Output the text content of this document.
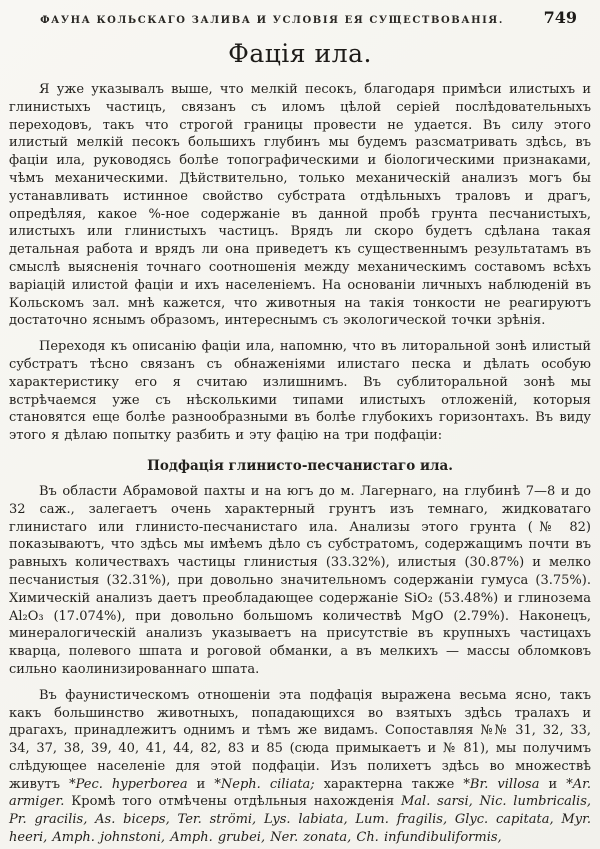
ФАУНА КОЛЬСКАГО ЗАЛИВА И УСЛОВІЯ ЕЯ СУЩЕСТВОВАНІЯ. 749
Фація ила.

Я уже указывалъ выше, что мелкій песокъ, благодаря примѣси илистыхъ и глинистыхъ частицъ, связанъ съ иломъ цѣлой серіей послѣдовательныхъ переходовъ, такъ что строгой границы провести не удается. Въ силу этого илистый мелкій песокъ большихъ глубинъ мы будемъ разсматривать здѣсь, въ фаціи ила, руководясь болѣе топографическими и біологическими признаками, чѣмъ механическими. Дѣйствительно, только механическій анализъ могъ бы устанавливать истинное свойство субстрата отдѣльныхъ траловъ и драгъ, опредѣляя, какое %-ное содержаніе въ данной пробѣ грунта песчанистыхъ, илистыхъ или глинистыхъ частицъ. Врядъ ли скоро будетъ сдѣлана такая детальная работа и врядъ ли она приведетъ къ существеннымъ результатамъ въ смыслѣ выясненія точнаго соотношенія между механическимъ составомъ всѣхъ варіацій илистой фаціи и ихъ населеніемъ. На основаніи личныхъ наблюденій въ Кольскомъ зал. мнѣ кажется, что животныя на такія тонкости не реагируютъ достаточно яснымъ образомъ, интереснымъ съ экологической точки зрѣнія.

Переходя къ описанію фаціи ила, напомню, что въ литоральной зонѣ илистый субстратъ тѣсно связанъ съ обнаженіями илистаго песка и дѣлать особую характеристику его я считаю излишнимъ. Въ сублиторальной зонѣ мы встрѣчаемся уже съ нѣсколькими типами илистыхъ отложеній, которыя становятся еще болѣе разнообразными въ болѣе глубокихъ горизонтахъ. Въ виду этого я дѣлаю попытку разбить и эту фацію на три подфаціи:

Подфація глинисто-песчанистаго ила.

Въ области Абрамовой пахты и на югъ до м. Лагернаго, на глубинѣ 7—8 и до 32 саж., залегаетъ очень характерный грунтъ изъ темнаго, жидковатаго глинистаго или глинисто-песчанистаго ила. Анализы этого грунта (№ 82) показываютъ, что здѣсь мы имѣемъ дѣло съ субстратомъ, содержащимъ почти въ равныхъ количествахъ частицы глинистыя (33.32%), илистыя (30.87%) и мелко песчанистыя (32.31%), при довольно значительномъ содержаніи гумуса (3.75%). Химическій анализъ даетъ преобладающее содержаніе SiO₂ (53.48%) и глинозема Al₂O₃ (17.074%), при довольно большомъ количествѣ MgO (2.79%). Наконецъ, минералогическій анализъ указываетъ на присутствіе въ крупныхъ частицахъ кварца, полевого шпата и роговой обманки, а въ мелкихъ — массы обломковъ сильно каолинизированнаго шпата.

Въ фаунистическомъ отношеніи эта подфація выражена весьма ясно, такъ какъ большинство животныхъ, попадающихся во взятыхъ здѣсь тралахъ и драгахъ, принадлежитъ однимъ и тѣмъ же видамъ. Сопоставляя №№ 31, 32, 33, 34, 37, 38, 39, 40, 41, 44, 82, 83 и 85 (сюда примыкаетъ и № 81), мы получимъ слѣдующее населеніе для этой подфаціи. Изъ полихетъ здѣсь во множествѣ живутъ *Pec. hyperborea и *Neph. ciliata; характерна также *Br. villosa и *Ar. armiger. Кромѣ того отмѣчены отдѣльныя нахожденія Mal. sarsi, Nic. lumbricalis, Pr. gracilis, As. biceps, Ter. strömi, Lys. labiata, Lum. fragilis, Glyc. capitata, Myr. heeri, Amph. johnstoni, Amph. grubei, Ner. zonata, Ch. infundibuliformis,
